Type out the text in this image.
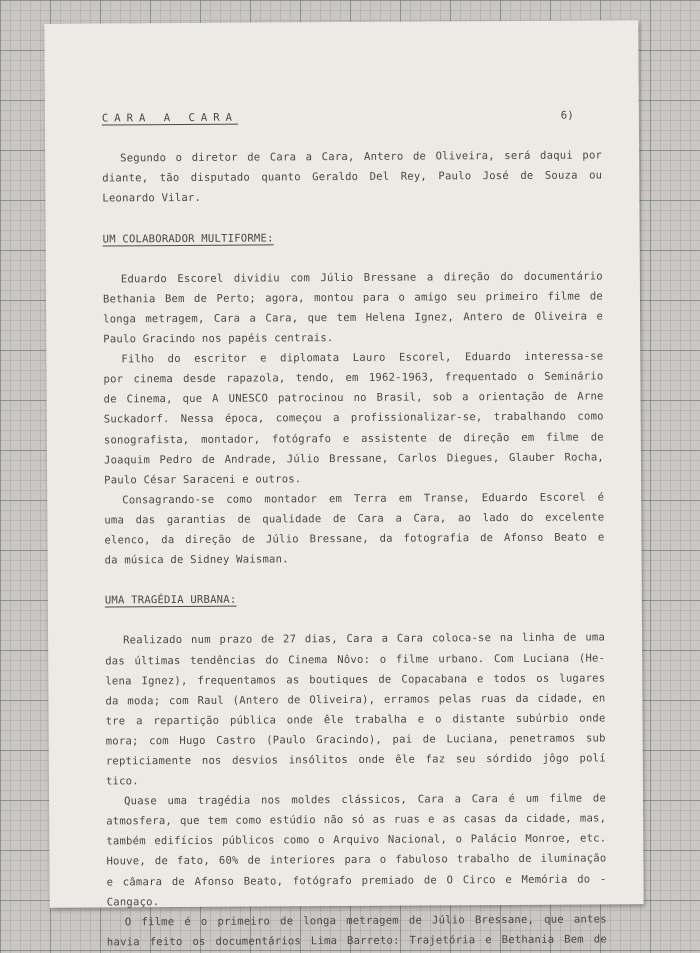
CARA A CARA	6)
Segundo o diretor de Cara a Cara, Antero de Oliveira, será daqui por
diante, tão disputado quanto Geraldo Del Rey, Paulo José de Souza ou
Leonardo Vilar.
UM COLABORADOR MULTIFORME:
Eduardo Escorel dividiu com Júlio Bressane a direção do documentário
Bethania Bem de Perto; agora, montou para o amigo seu primeiro filme de
longa metragem, Cara a Cara, que tem Helena Ignez, Antero de Oliveira e
Paulo Gracindo nos papéis centrais.
Filho do escritor e diplomata Lauro Escorel, Eduardo interessa-se
por cinema desde rapazola, tendo, em 1962-1963, frequentado o Seminário
de Cinema, que A UNESCO patrocinou no Brasil, sob a orientação de Arne
Suckadorf. Nessa época, começou a profissionalizar-se, trabalhando como
sonografista, montador, fotógrafo e assistente de direção em filme de
Joaquim Pedro de Andrade, Júlio Bressane, Carlos Diegues, Glauber Rocha,
Paulo César Saraceni e outros.
Consagrando-se como montador em Terra em Transe, Eduardo Escorel é
uma das garantias de qualidade de Cara a Cara, ao lado do excelente
elenco, da direção de Júlio Bressane, da fotografia de Afonso Beato e
da música de Sidney Waisman.
UMA TRAGÉDIA URBANA:
Realizado num prazo de 27 dias, Cara a Cara coloca-se na linha de uma
das últimas tendências do Cinema Nôvo: o filme urbano. Com Luciana (He-
lena Ignez), frequentamos as boutiques de Copacabana e todos os lugares
da moda; com Raul (Antero de Oliveira), erramos pelas ruas da cidade, en
tre a repartição pública onde êle trabalha e o distante subúrbio onde
mora; com Hugo Castro (Paulo Gracindo), pai de Luciana, penetramos sub
repticiamente nos desvios insólitos onde êle faz seu sórdido jôgo polí
tico.
Quase uma tragédia nos moldes clássicos, Cara a Cara é um filme de
atmosfera, que tem como estúdio não só as ruas e as casas da cidade, mas,
também edifícios públicos como o Arquivo Nacional, o Palácio Monroe, etc.
Houve, de fato, 60% de interiores para o fabuloso trabalho de iluminação
e câmara de Afonso Beato, fotógrafo premiado de O Circo e Memória do -
Cangaço.
O filme é o primeiro de longa metragem de Júlio Bressane, que antes
havia feito os documentários Lima Barreto: Trajetória e Bethania Bem de
